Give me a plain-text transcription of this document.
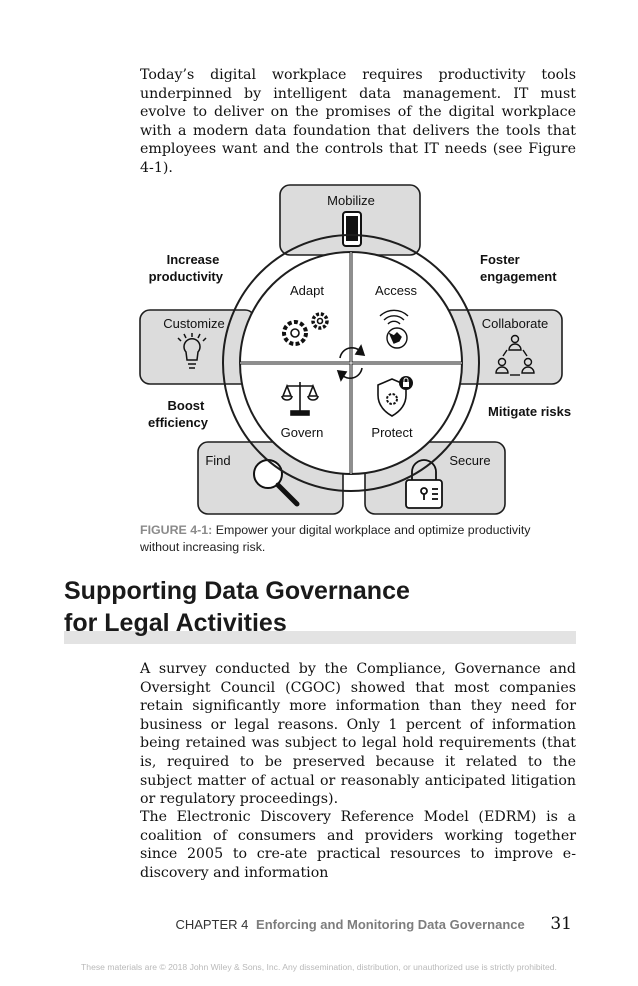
Today’s digital workplace requires productivity tools underpinned by intelligent data management. IT must evolve to deliver on the promises of the digital workplace with a modern data foundation that delivers the tools that employees want and the controls that IT needs (see Figure 4-1).

Mobilize
Customize	Collaborate
Find	Secure
Adapt	Access
Govern	Protect
Increase productivity
Foster engagement
Boost efficiency
Mitigate risks
FIGURE 4-1: Empower your digital workplace and optimize productivity
without increasing risk.
Supporting Data Governance
for Legal Activities

A survey conducted by the Compliance, Governance and Oversight Council (CGOC) showed that most companies retain significantly more information than they need for business or legal reasons. Only 1 percent of information being retained was subject to legal hold requirements (that is, required to be preserved because it related to the subject matter of actual or reasonably anticipated litigation or regulatory proceedings).

The Electronic Discovery Reference Model (EDRM) is a coalition of consumers and providers working together since 2005 to cre-ate practical resources to improve e-discovery and information

CHAPTER 4 Enforcing and Monitoring Data Governance 31
These materials are © 2018 John Wiley & Sons, Inc. Any dissemination, distribution, or unauthorized use is strictly prohibited.
